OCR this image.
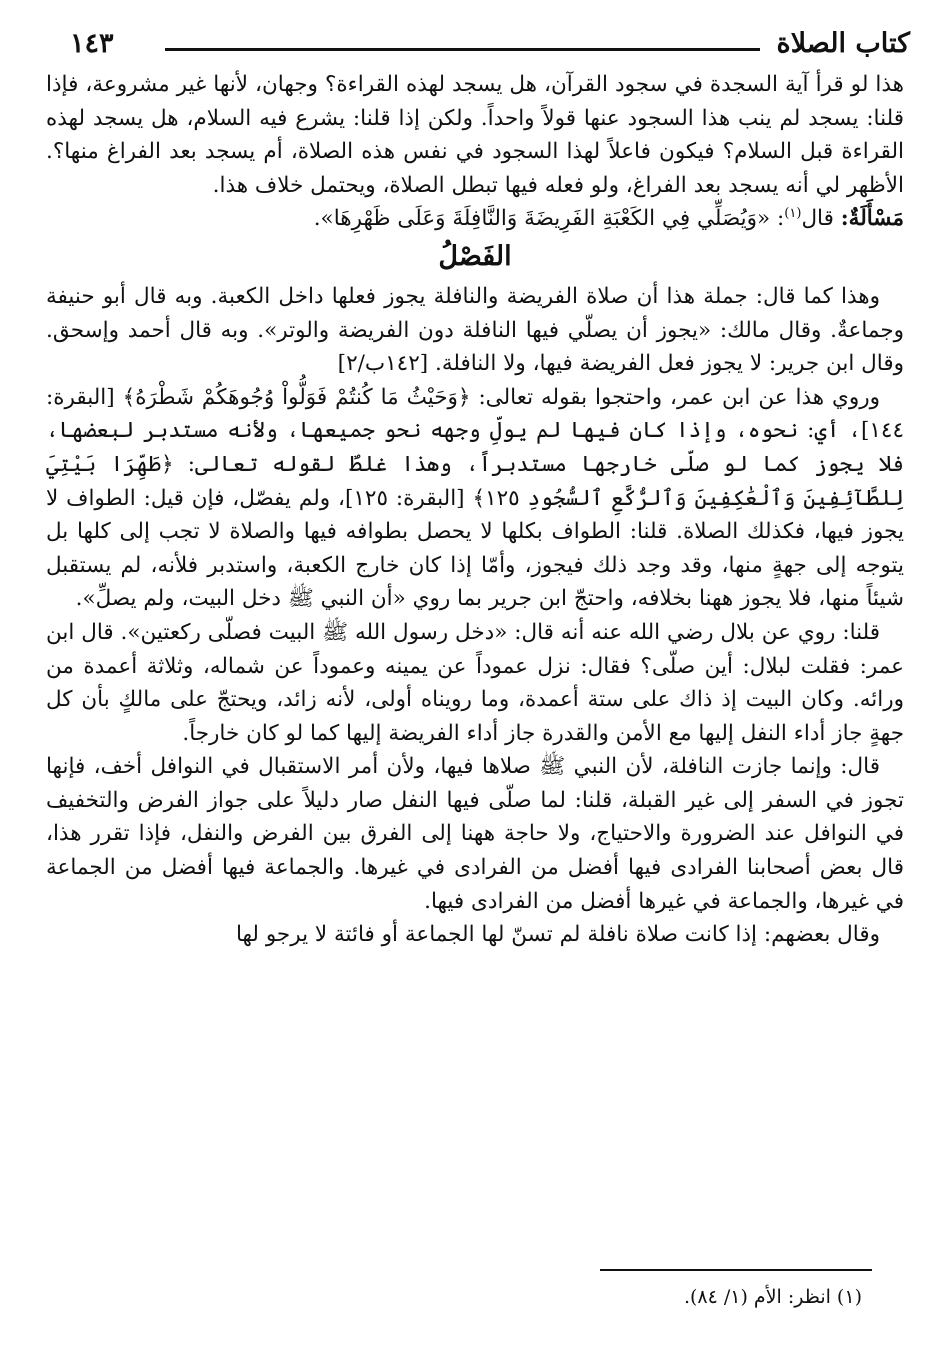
كتاب الصلاة
١٤٣

هذا لو قرأ آية السجدة في سجود القرآن، هل يسجد لهذه القراءة؟ وجهان، لأنها غير مشروعة، فإذا قلنا: يسجد لم ينب هذا السجود عنها قولاً واحداً. ولكن إذا قلنا: يشرع فيه السلام، هل يسجد لهذه القراءة قبل السلام؟ فيكون فاعلاً لهذا السجود في نفس هذه الصلاة، أم يسجد بعد الفراغ منها؟. الأظهر لي أنه يسجد بعد الفراغ، ولو فعله فيها تبطل الصلاة، ويحتمل خلاف هذا.

مَسْأَلَةٌ: قال$^{(١)}$: «وَيُصَلِّي فِي الكَعْبَةِ الفَرِيضَةَ وَالنَّافِلَةَ وَعَلَى ظَهْرِهَا».

الفَصْلُ

وهذا كما قال: جملة هذا أن صلاة الفريضة والنافلة يجوز فعلها داخل الكعبة. وبه قال أبو حنيفة وجماعةٌ. وقال مالك: «يجوز أن يصلّي فيها النافلة دون الفريضة والوتر». وبه قال أحمد وإسحق. وقال ابن جرير: لا يجوز فعل الفريضة فيها، ولا النافلة. [١٤٢ب/٢]

وروي هذا عن ابن عمر، واحتجوا بقوله تعالى: ﴿وَحَيْثُ مَا كُنتُمْ فَوَلُّواْ وُجُوهَكُمْ شَطْرَهُ﴾ [البقرة: ١٤٤]، أي: نحوه، وإذا كان فيها لم يولِّ وجهه نحو جميعها، ولأنه مستدبر لبعضها، فلا يجوز كما لو صلّى خارجها مستدبراً، وهذا غلطٌ لقوله تعالى: ﴿طَهِّرَا بَيْتِيَ لِلطَّآئِفِينَ وَٱلْعَٰكِفِينَ وَٱلرُّكَّعِ ٱلسُّجُودِ ١٢٥﴾ [البقرة: ١٢٥]، ولم يفصّل، فإن قيل: الطواف لا يجوز فيها، فكذلك الصلاة. قلنا: الطواف بكلها لا يحصل بطوافه فيها والصلاة لا تجب إلى كلها بل يتوجه إلى جهةٍ منها، وقد وجد ذلك فيجوز، وأمّا إذا كان خارج الكعبة، واستدبر فلأنه، لم يستقبل شيئاً منها، فلا يجوز ههنا بخلافه، واحتجّ ابن جرير بما روي «أن النبي ﷺ دخل البيت، ولم يصلِّ».

قلنا: روي عن بلال رضي الله عنه أنه قال: «دخل رسول الله ﷺ البيت فصلّى ركعتين». قال ابن عمر: فقلت لبلال: أين صلّى؟ فقال: نزل عموداً عن يمينه وعموداً عن شماله، وثلاثة أعمدة من ورائه. وكان البيت إذ ذاك على ستة أعمدة، وما رويناه أولى، لأنه زائد، ويحتجّ على مالكٍ بأن كل جهةٍ جاز أداء النفل إليها مع الأمن والقدرة جاز أداء الفريضة إليها كما لو كان خارجاً.

قال: وإنما جازت النافلة، لأن النبي ﷺ صلاها فيها، ولأن أمر الاستقبال في النوافل أخف، فإنها تجوز في السفر إلى غير القبلة، قلنا: لما صلّى فيها النفل صار دليلاً على جواز الفرض والتخفيف في النوافل عند الضرورة والاحتياج، ولا حاجة ههنا إلى الفرق بين الفرض والنفل، فإذا تقرر هذا، قال بعض أصحابنا الفرادى فيها أفضل من الفرادى في غيرها. والجماعة فيها أفضل من الجماعة في غيرها، والجماعة في غيرها أفضل من الفرادى فيها.

وقال بعضهم: إذا كانت صلاة نافلة لم تسنّ لها الجماعة أو فائتة لا يرجو لها

(١) انظر: الأم (١/ ٨٤).
